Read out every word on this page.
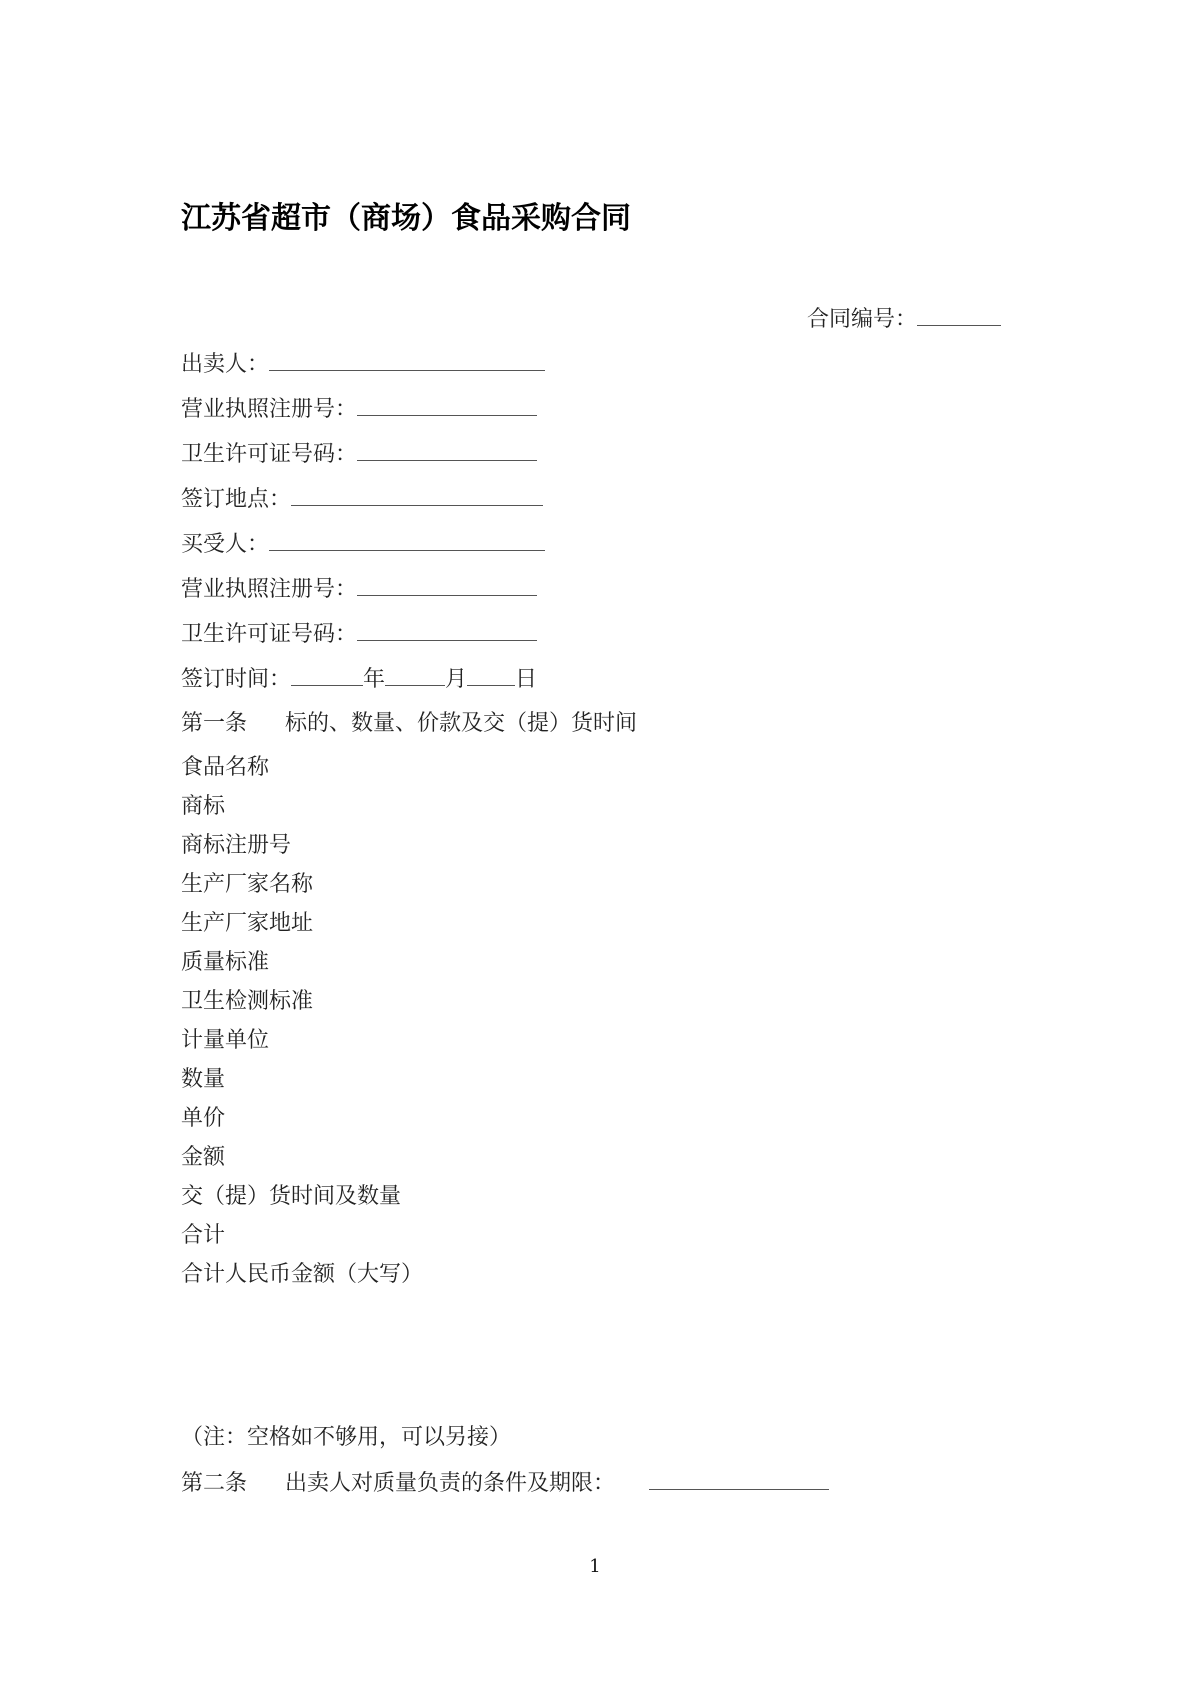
江苏省超市（商场）食品采购合同
合同编号：
出卖人：
营业执照注册号：
卫生许可证号码：
签订地点：
买受人：
营业执照注册号：
卫生许可证号码：
签订时间：	年	月 日
第一条 标的、数量、价款及交（提）货时间
食品名称
商标
商标注册号
生产厂家名称
生产厂家地址
质量标准
卫生检测标准
计量单位
数量
单价
金额
交（提）货时间及数量
合计
合计人民币金额（大写）
（注：空格如不够用，可以另接）
第二条 出卖人对质量负责的条件及期限：
1
